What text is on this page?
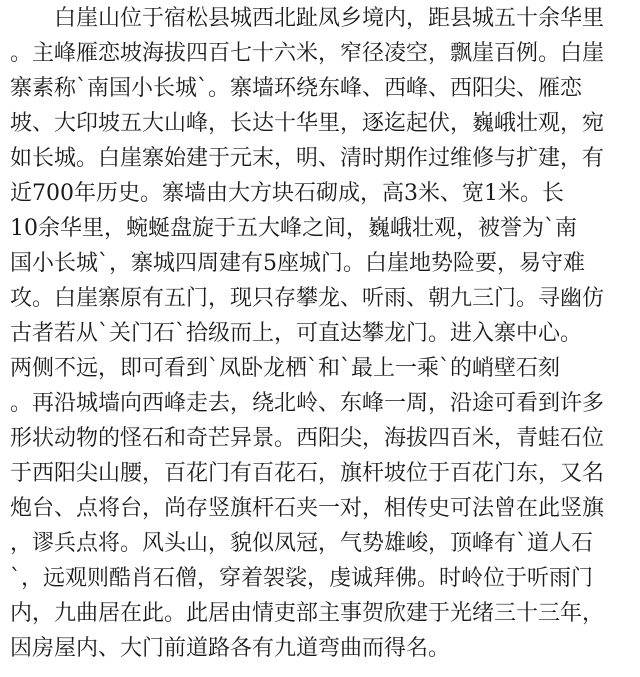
　　白崖山位于宿松县城西北趾凤乡境内，距县城五十余华里
。主峰雁恋坡海拔四百七十六米，窄径凌空，飘崖百例。白崖
寨素称`南国小长城`。寨墙环绕东峰、西峰、西阳尖、雁恋
坡、大印坡五大山峰，长达十华里，逐迄起伏，巍峨壮观，宛
如长城。白崖寨始建于元末，明、清时期作过维修与扩建，有
近700年历史。寨墙由大方块石砌成，高3米、宽1米。长
10余华里，蜿蜒盘旋于五大峰之间，巍峨壮观，被誉为`南
国小长城`，寨城四周建有5座城门。白崖地势险要，易守难
攻。白崖寨原有五门，现只存攀龙、听雨、朝九三门。寻幽仿
古者若从`关门石`拾级而上，可直达攀龙门。进入寨中心。
两侧不远，即可看到`凤卧龙栖`和`最上一乘`的峭壁石刻
。再沿城墙向西峰走去，绕北岭、东峰一周，沿途可看到许多
形状动物的怪石和奇芒异景。西阳尖，海拔四百米，青蛙石位
于西阳尖山腰，百花门有百花石，旗杆坡位于百花门东，又名
炮台、点将台，尚存竖旗杆石夹一对，相传史可法曾在此竖旗
，谬兵点将。风头山，貌似凤冠，气势雄峻，顶峰有`道人石
`，远观则酷肖石僧，穿着袈裟，虔诚拜佛。时岭位于听雨门
内，九曲居在此。此居由情吏部主事贺欣建于光绪三十三年，
因房屋内、大门前道路各有九道弯曲而得名。
